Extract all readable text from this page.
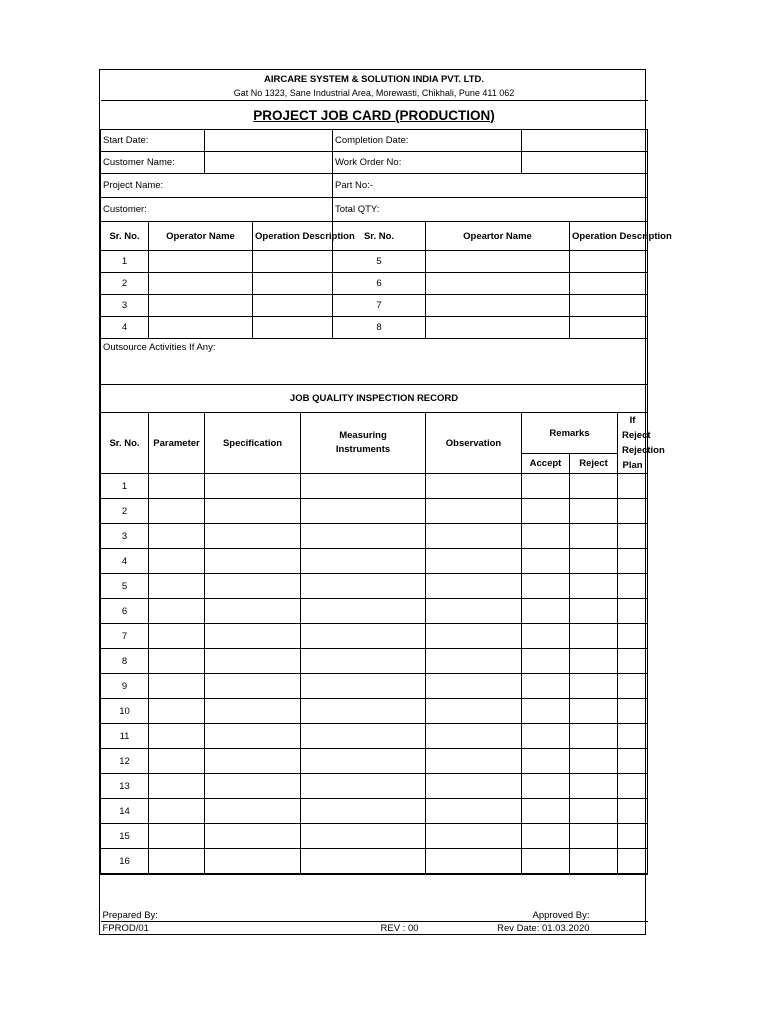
AIRCARE SYSTEM & SOLUTION INDIA PVT. LTD.									
Gat No 1323, Sane Industrial Area, Morewasti, Chikhali, Pune 411 062									
PROJECT JOB CARD (PRODUCTION)									
Start Date:					Completion Date:				
Customer Name:					Work Order No:				
Project Name:					Part No:-				
Customer:					Total QTY:				
Sr. No.	Operator Name		Operation Description		Sr. No.	Opeartor Name		Operation Description	
1					5				
2					6				
3					7				
4					8				
Outsource Activities If Any:									
JOB QUALITY INSPECTION RECORD									
Sr. No.	Parameter	Specification		Measuring Instruments		Observation	Remarks		If Reject Rejection Plan
							Accept	Reject	
1									
2									
3									
4									
5									
6									
7									
8									
9									
10									
11									
12									
13									
14									
15									
16									

Prepared By:					Approved By:				
FPROD/01				REV : 00		Rev Date: 01.03.2020			
